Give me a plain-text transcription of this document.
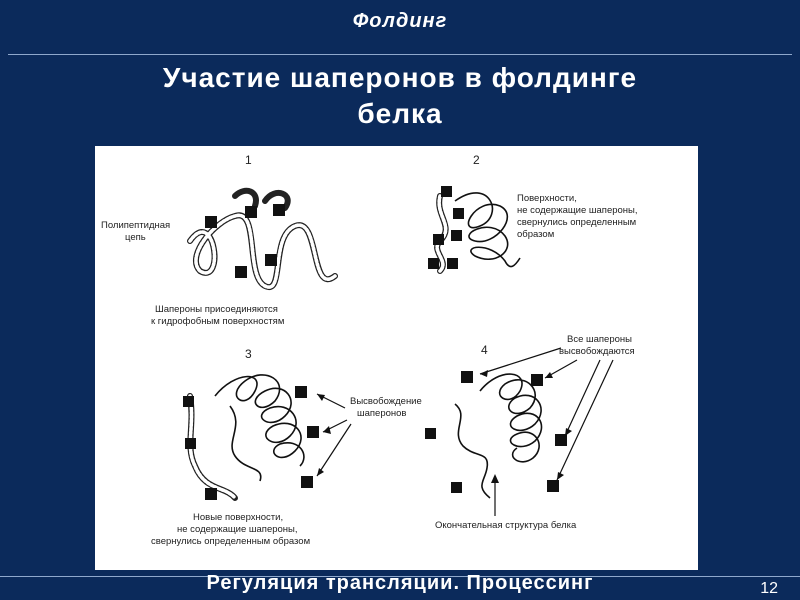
Фолдинг
Участие шаперонов в фолдинге
белка
1
Полипептидная
цепь
Шапероны присоединяются
к гидрофобным поверхностям
2
Поверхности,
не содержащие шапероны,
свернулись определенным
образом
3
Высвобождение
шаперонов
Новые поверхности,
не содержащие шапероны,
свернулись определенным образом
4
Все шапероны
высвобождаются
Окончательная структура белка
Регуляция трансляции. Процессинг	12
